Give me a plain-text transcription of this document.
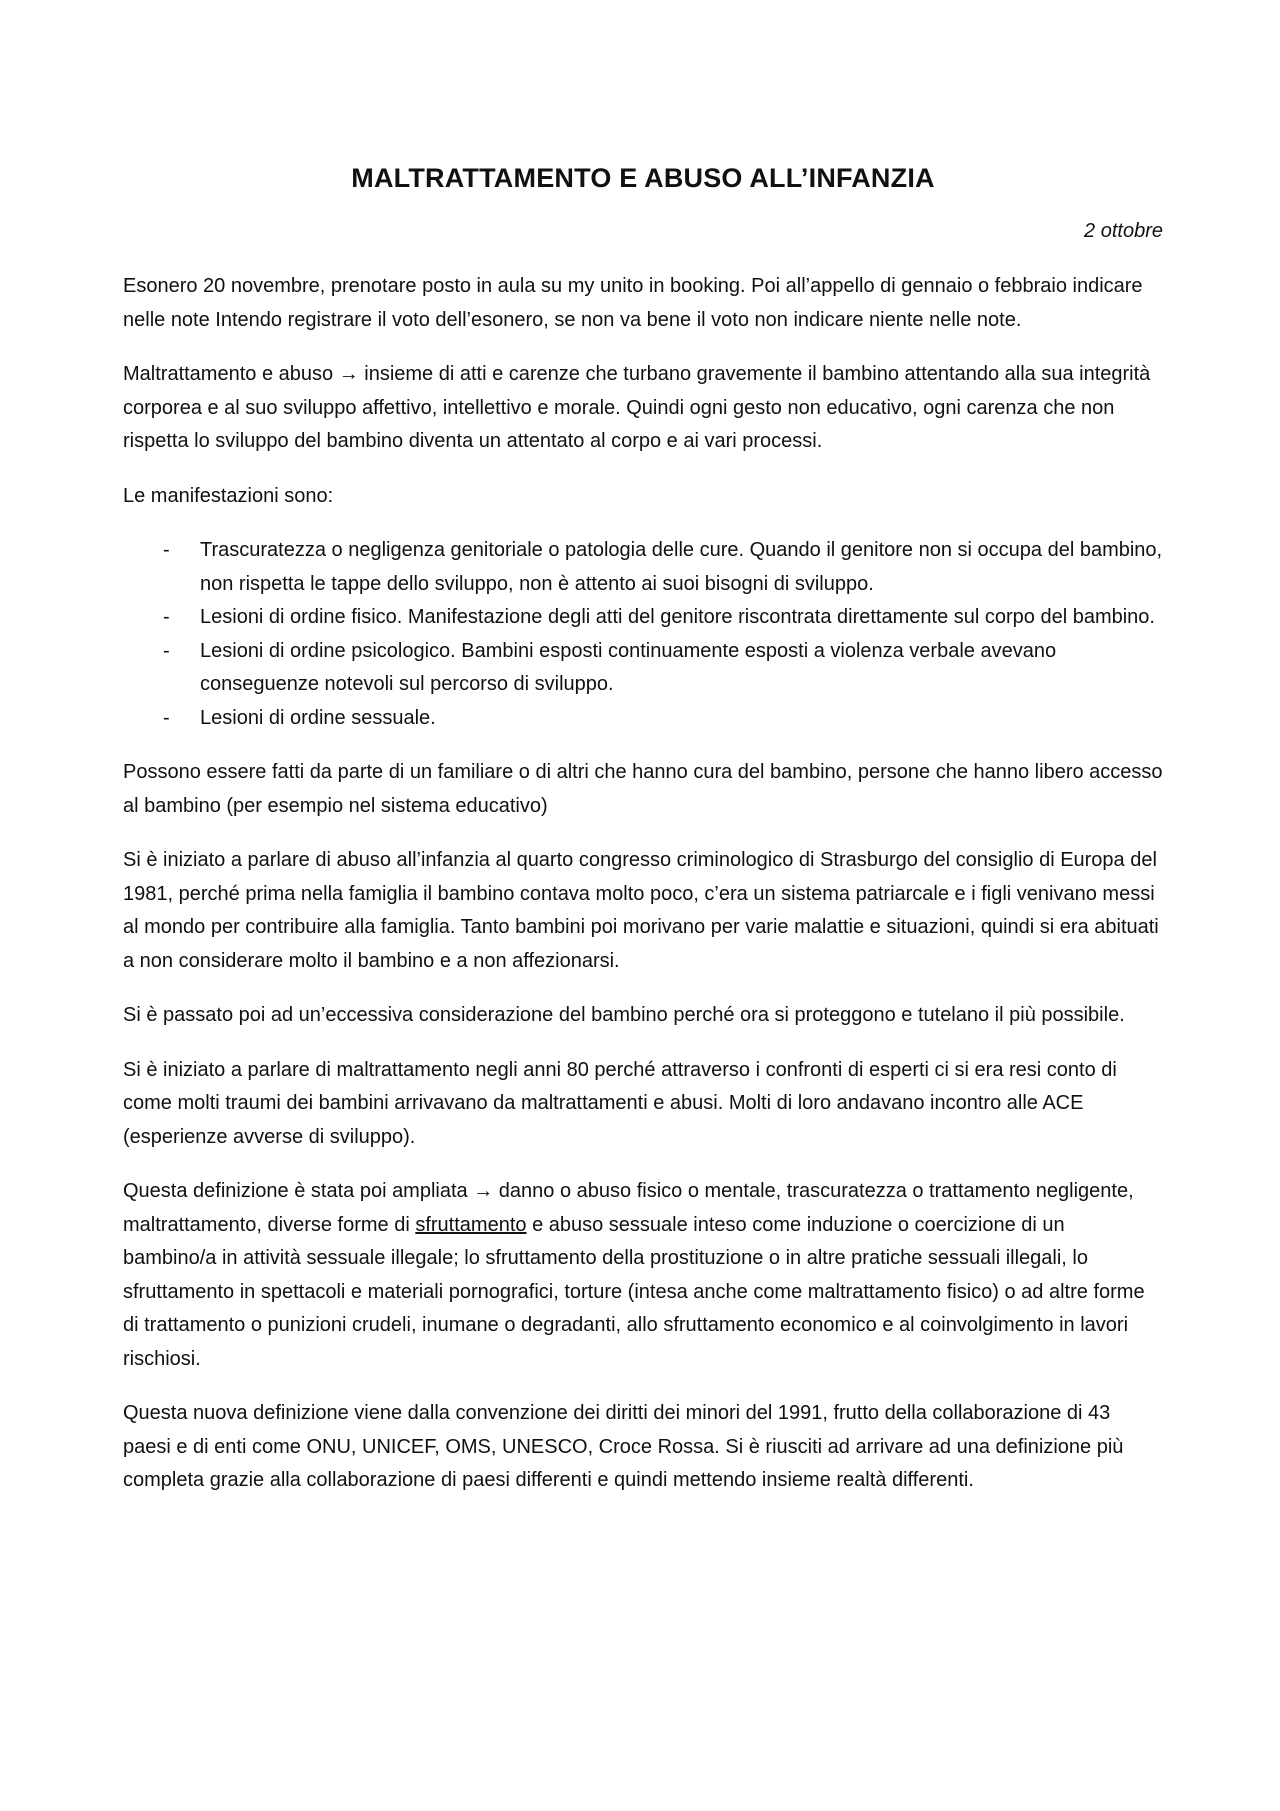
MALTRATTAMENTO E ABUSO ALL’INFANZIA
2 ottobre

Esonero 20 novembre, prenotare posto in aula su my unito in booking. Poi all’appello di gennaio o febbraio indicare nelle note Intendo registrare il voto dell’esonero, se non va bene il voto non indicare niente nelle note.

Maltrattamento e abuso → insieme di atti e carenze che turbano gravemente il bambino attentando alla sua integrità corporea e al suo sviluppo affettivo, intellettivo e morale. Quindi ogni gesto non educativo, ogni carenza che non rispetta lo sviluppo del bambino diventa un attentato al corpo e ai vari processi.

Le manifestazioni sono:

- Trascuratezza o negligenza genitoriale o patologia delle cure. Quando il genitore non si occupa del bambino, non rispetta le tappe dello sviluppo, non è attento ai suoi bisogni di sviluppo.
- Lesioni di ordine fisico. Manifestazione degli atti del genitore riscontrata direttamente sul corpo del bambino.
- Lesioni di ordine psicologico. Bambini esposti continuamente esposti a violenza verbale avevano conseguenze notevoli sul percorso di sviluppo.
- Lesioni di ordine sessuale.

Possono essere fatti da parte di un familiare o di altri che hanno cura del bambino, persone che hanno libero accesso al bambino (per esempio nel sistema educativo)

Si è iniziato a parlare di abuso all’infanzia al quarto congresso criminologico di Strasburgo del consiglio di Europa del 1981, perché prima nella famiglia il bambino contava molto poco, c’era un sistema patriarcale e i figli venivano messi al mondo per contribuire alla famiglia. Tanto bambini poi morivano per varie malattie e situazioni, quindi si era abituati a non considerare molto il bambino e a non affezionarsi.

Si è passato poi ad un’eccessiva considerazione del bambino perché ora si proteggono e tutelano il più possibile.

Si è iniziato a parlare di maltrattamento negli anni 80 perché attraverso i confronti di esperti ci si era resi conto di come molti traumi dei bambini arrivavano da maltrattamenti e abusi. Molti di loro andavano incontro alle ACE (esperienze avverse di sviluppo).

Questa definizione è stata poi ampliata → danno o abuso fisico o mentale, trascuratezza o trattamento negligente, maltrattamento, diverse forme di sfruttamento e abuso sessuale inteso come induzione o coercizione di un bambino/a in attività sessuale illegale; lo sfruttamento della prostituzione o in altre pratiche sessuali illegali, lo sfruttamento in spettacoli e materiali pornografici, torture (intesa anche come maltrattamento fisico) o ad altre forme di trattamento o punizioni crudeli, inumane o degradanti, allo sfruttamento economico e al coinvolgimento in lavori rischiosi.

Questa nuova definizione viene dalla convenzione dei diritti dei minori del 1991, frutto della collaborazione di 43 paesi e di enti come ONU, UNICEF, OMS, UNESCO, Croce Rossa. Si è riusciti ad arrivare ad una definizione più completa grazie alla collaborazione di paesi differenti e quindi mettendo insieme realtà differenti.
